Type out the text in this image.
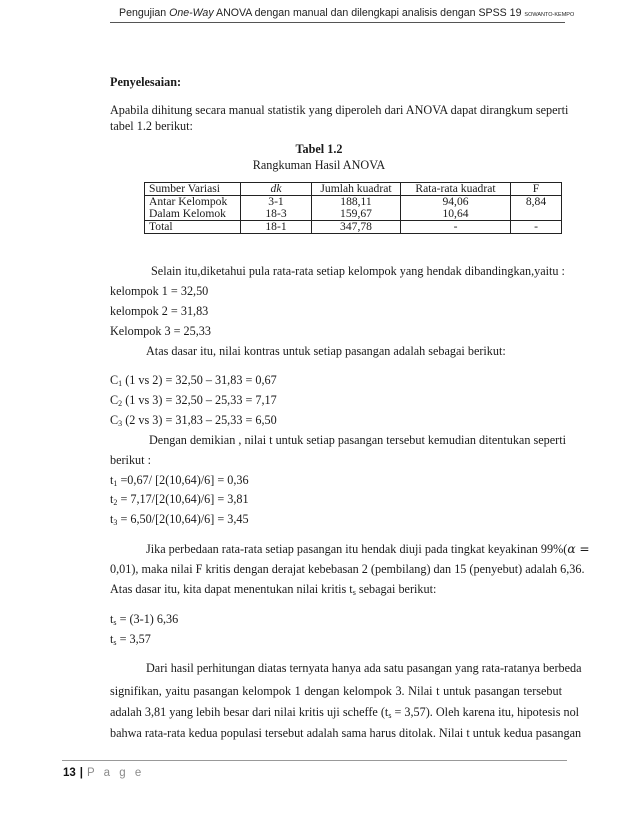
Pengujian One-Way ANOVA dengan manual dan dilengkapi analisis dengan SPSS 19 SOWANTO-KEMPO
Penyelesaian:
Apabila dihitung secara manual statistik yang diperoleh dari ANOVA dapat dirangkum seperti
tabel 1.2 berikut:
Tabel 1.2
Rangkuman Hasil ANOVA
Sumber Variasi	dk	Jumlah kuadrat	Rata-rata kuadrat	F
Antar Kelompok	3-1	188,11	94,06	8,84
Dalam Kelomok	18-3	159,67	10,64	
Total	18-1	347,78	-	-
Selain itu,diketahui pula rata-rata setiap kelompok yang hendak dibandingkan,yaitu :
kelompok 1 = 32,50
kelompok 2 = 31,83
Kelompok 3 = 25,33
Atas dasar itu, nilai kontras untuk setiap pasangan adalah sebagai berikut:
$C_1$ (1 vs 2) = 32,50 – 31,83 = 0,67
$C_2$ (1 vs 3) = 32,50 – 25,33 = 7,17
$C_3$ (2 vs 3) = 31,83 – 25,33 = 6,50
Dengan demikian , nilai t untuk setiap pasangan tersebut kemudian ditentukan seperti
berikut :
$t_1 =0,67/$ [2(10,64)/6] = 0,36
$t_2 = 7,17/[2(10,64)/6] = 3,81$
$t_3 = 6,50/[2(10,64)/6] = 3,45$
Jika perbedaan rata-rata setiap pasangan itu hendak diuji pada tingkat keyakinan 99%(α =
0,01), maka nilai F kritis dengan derajat kebebasan 2 (pembilang) dan 15 (penyebut) adalah 6,36.
Atas dasar itu, kita dapat menentukan nilai kritis $t_s$ sebagai berikut:
$t_s = (3-1)$ 6,36
$t_s = 3,57$
Dari hasil perhitungan diatas ternyata hanya ada satu pasangan yang rata-ratanya berbeda
signifikan, yaitu pasangan kelompok 1 dengan kelompok 3. Nilai t untuk pasangan tersebut
adalah 3,81 yang lebih besar dari nilai kritis uji scheffe $(t_s = 3,57)$. Oleh karena itu, hipotesis nol
bahwa rata-rata kedua populasi tersebut adalah sama harus ditolak. Nilai t untuk kedua pasangan
13 | P a g e
